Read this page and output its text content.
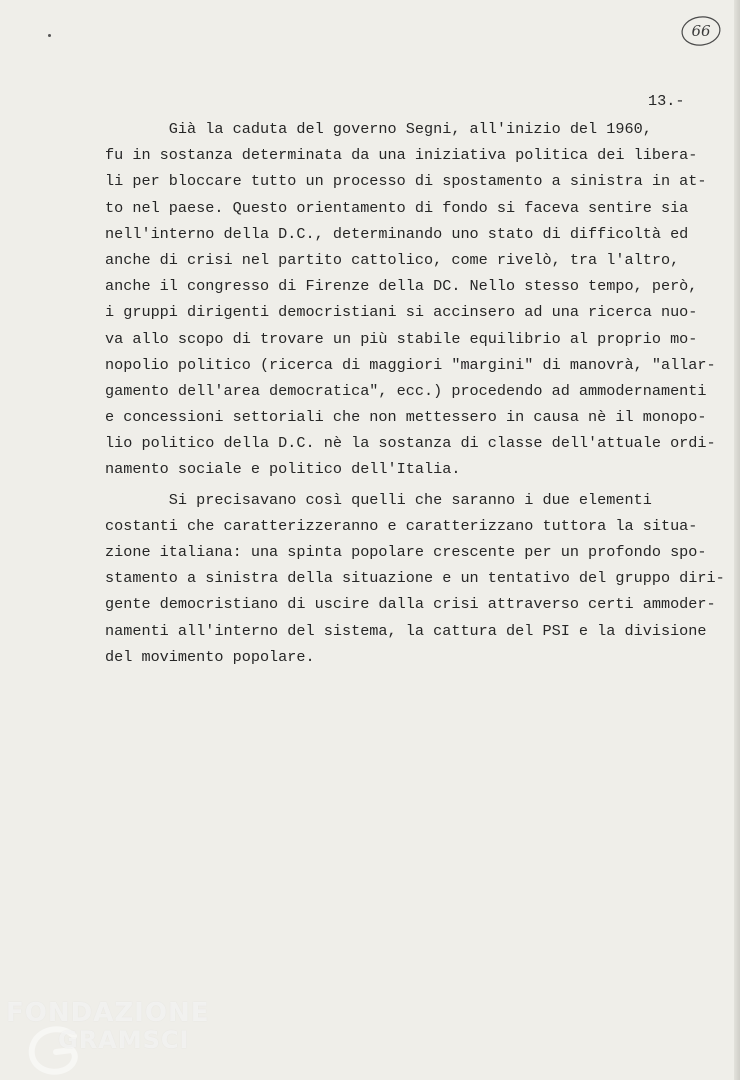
66
13.-
Già la caduta del governo Segni, all'inizio del 1960,
fu in sostanza determinata da una iniziativa politica dei libera-
li per bloccare tutto un processo di spostamento a sinistra in at-
to nel paese. Questo orientamento di fondo si faceva sentire sia
nell'interno della D.C., determinando uno stato di difficoltà ed
anche di crisi nel partito cattolico, come rivelò, tra l'altro,
anche il congresso di Firenze della DC. Nello stesso tempo, però,
i gruppi dirigenti democristiani si accinsero ad una ricerca nuo-
va allo scopo di trovare un più stabile equilibrio al proprio mo-
nopolio politico (ricerca di maggiori "margini" di manovrà, "allar-
gamento dell'area democratica", ecc.) procedendo ad ammodernamenti
e concessioni settoriali che non mettessero in causa nè il monopo-
lio politico della D.C. nè la sostanza di classe dell'attuale ordi-
namento sociale e politico dell'Italia.
Si precisavano così quelli che saranno i due elementi
costanti che caratterizzeranno e caratterizzano tuttora la situa-
zione italiana: una spinta popolare crescente per un profondo spo-
stamento a sinistra della situazione e un tentativo del gruppo diri-
gente democristiano di uscire dalla crisi attraverso certi ammoder-
namenti all'interno del sistema, la cattura del PSI e la divisione
del movimento popolare.
FONDAZIONE
GRAMSCI
